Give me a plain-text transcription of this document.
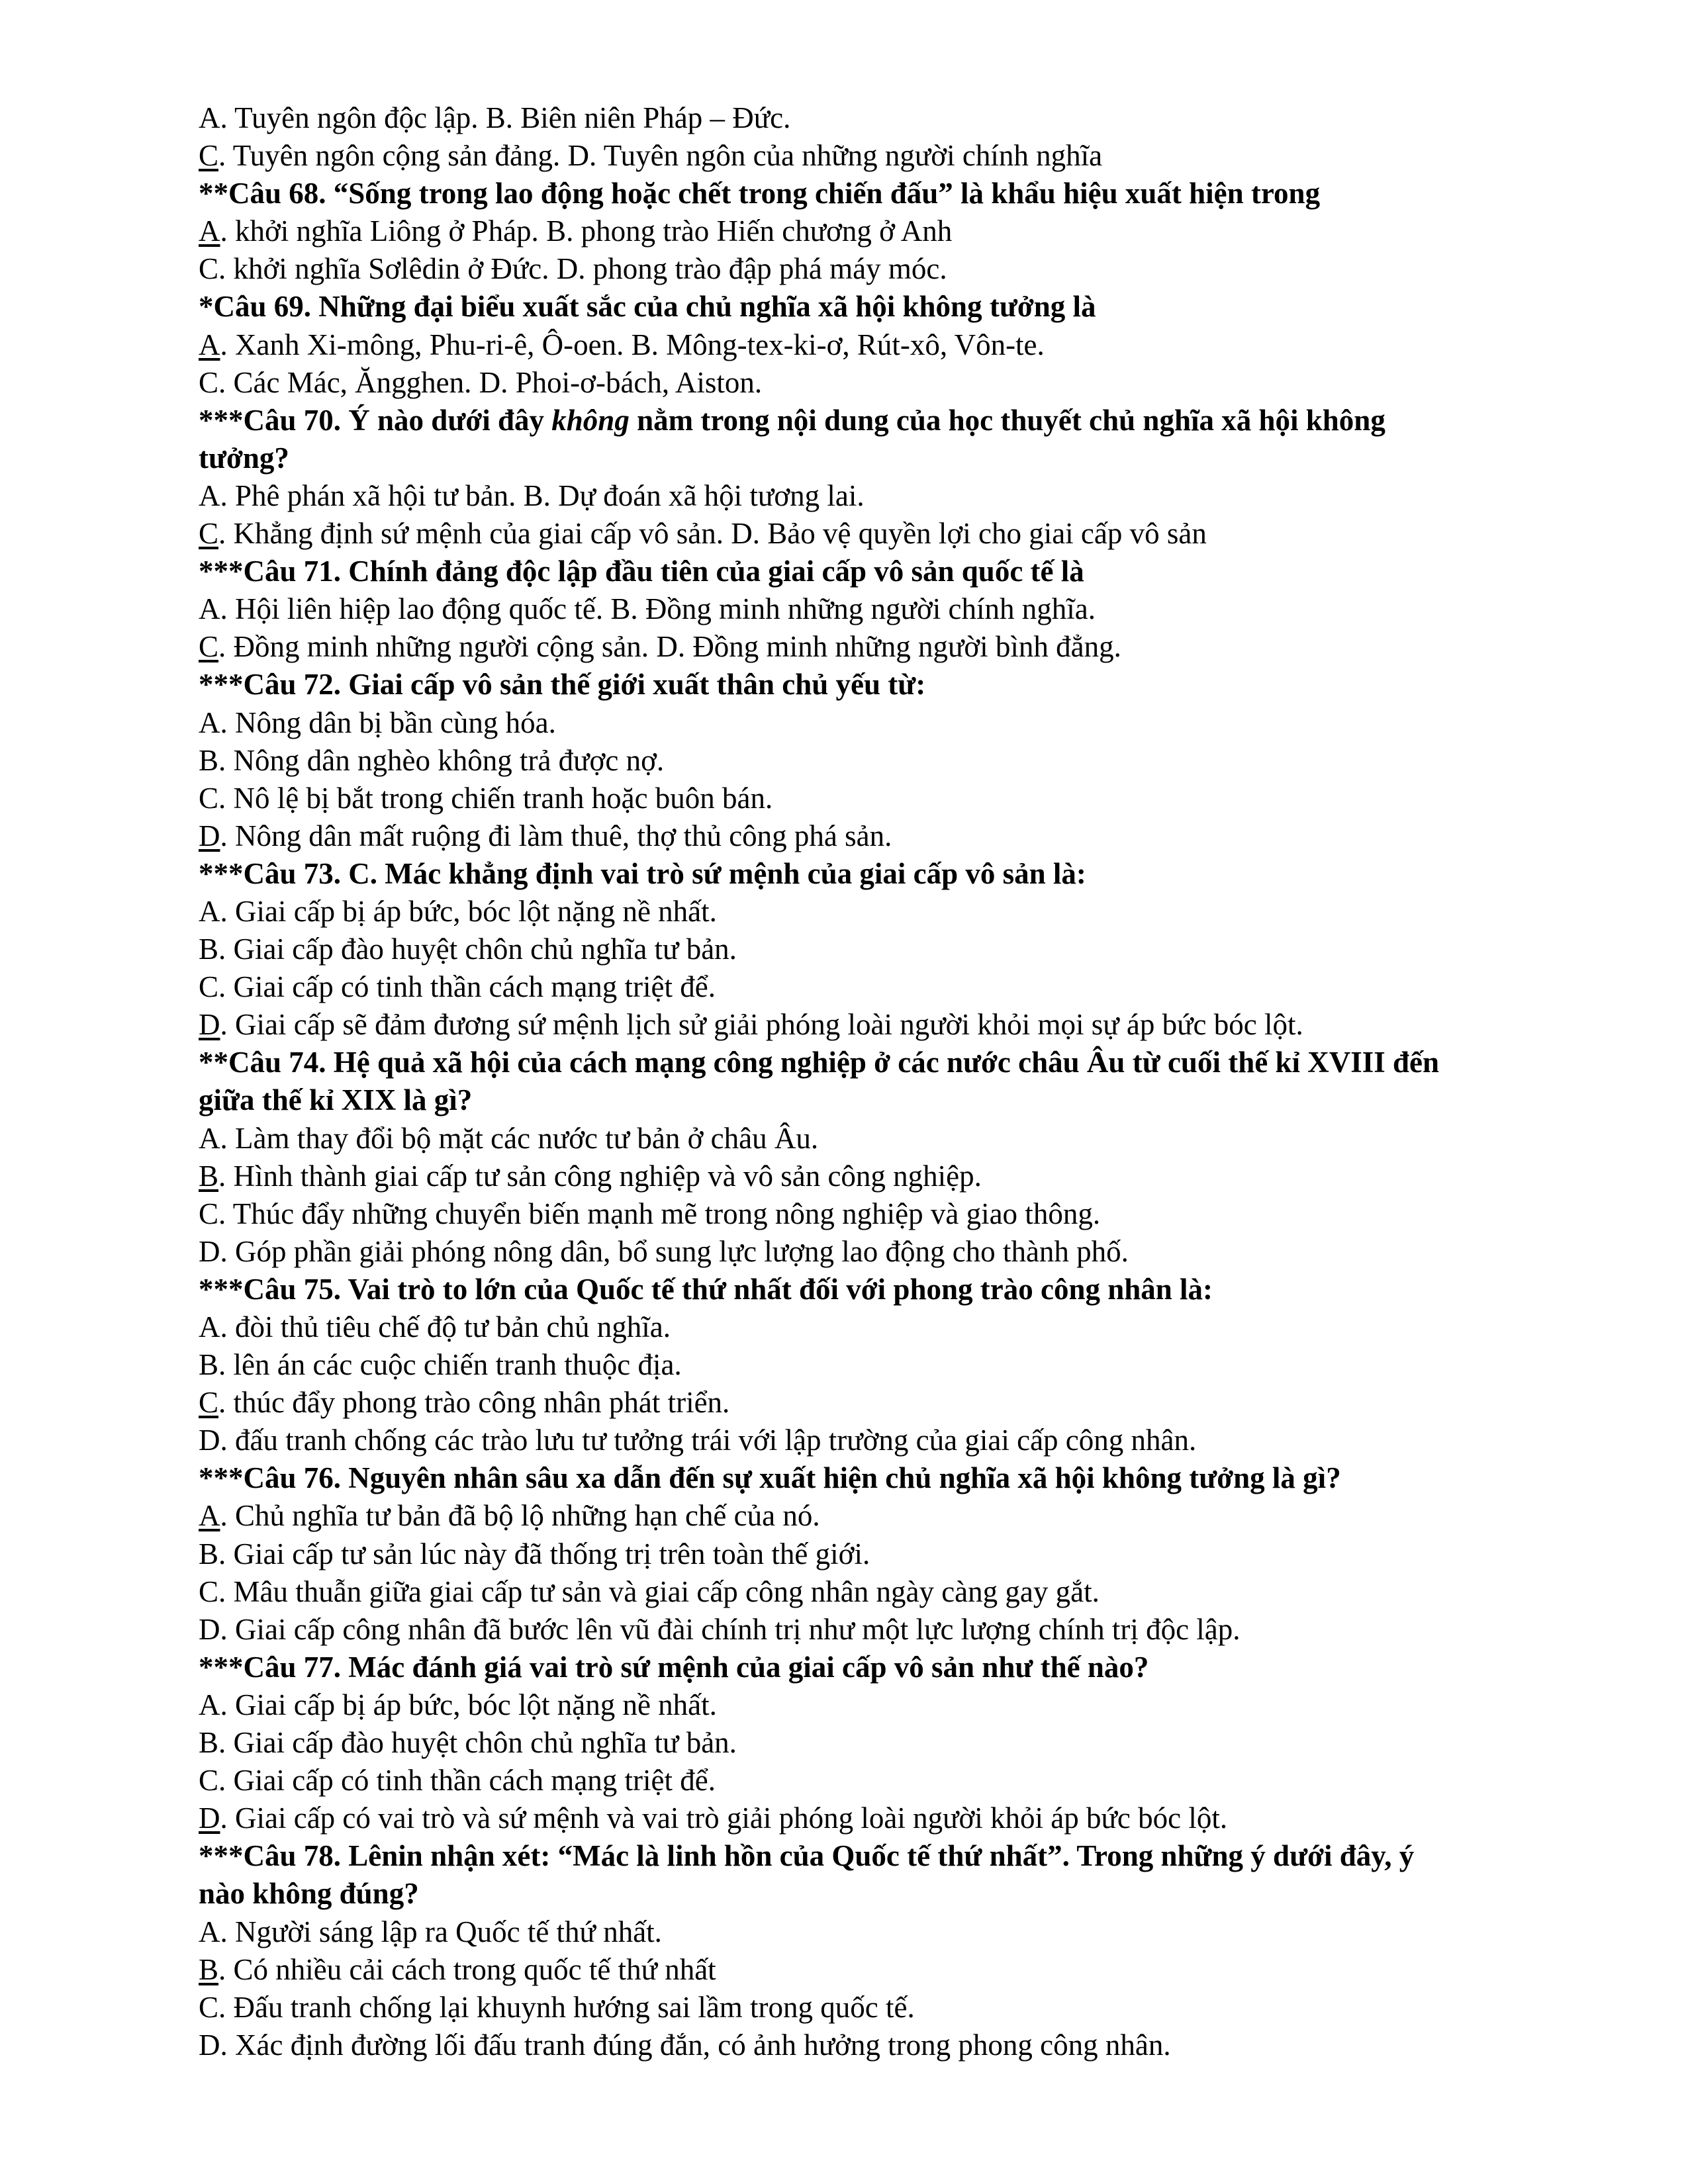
A. Tuyên ngôn độc lập. B. Biên niên Pháp – Đức.
C. Tuyên ngôn cộng sản đảng. D. Tuyên ngôn của những người chính nghĩa
**Câu 68. “Sống trong lao động hoặc chết trong chiến đấu” là khẩu hiệu xuất hiện trong
A. khởi nghĩa Liông ở Pháp. B. phong trào Hiến chương ở Anh
C. khởi nghĩa Sơlêdin ở Đức. D. phong trào đập phá máy móc.
*Câu 69. Những đại biểu xuất sắc của chủ nghĩa xã hội không tưởng là
A. Xanh Xi-mông, Phu-ri-ê, Ô-oen. B. Mông-tex-ki-ơ, Rút-xô, Vôn-te.
C. Các Mác, Ăngghen. D. Phoi-ơ-bách, Aiston.
***Câu 70. Ý nào dưới đây không nằm trong nội dung của học thuyết chủ nghĩa xã hội không
tưởng?
A. Phê phán xã hội tư bản. B. Dự đoán xã hội tương lai.
C. Khẳng định sứ mệnh của giai cấp vô sản. D. Bảo vệ quyền lợi cho giai cấp vô sản
***Câu 71. Chính đảng độc lập đầu tiên của giai cấp vô sản quốc tế là
A. Hội liên hiệp lao động quốc tế. B. Đồng minh những người chính nghĩa.
C. Đồng minh những người cộng sản. D. Đồng minh những người bình đẳng.
***Câu 72. Giai cấp vô sản thế giới xuất thân chủ yếu từ:
A. Nông dân bị bần cùng hóa.
B. Nông dân nghèo không trả được nợ.
C. Nô lệ bị bắt trong chiến tranh hoặc buôn bán.
D. Nông dân mất ruộng đi làm thuê, thợ thủ công phá sản.
***Câu 73. C. Mác khẳng định vai trò sứ mệnh của giai cấp vô sản là:
A. Giai cấp bị áp bức, bóc lột nặng nề nhất.
B. Giai cấp đào huyệt chôn chủ nghĩa tư bản.
C. Giai cấp có tinh thần cách mạng triệt để.
D. Giai cấp sẽ đảm đương sứ mệnh lịch sử giải phóng loài người khỏi mọi sự áp bức bóc lột.
**Câu 74. Hệ quả xã hội của cách mạng công nghiệp ở các nước châu Âu từ cuối thế kỉ XVIII đến
giữa thế kỉ XIX là gì?
A. Làm thay đổi bộ mặt các nước tư bản ở châu Âu.
B. Hình thành giai cấp tư sản công nghiệp và vô sản công nghiệp.
C. Thúc đẩy những chuyển biến mạnh mẽ trong nông nghiệp và giao thông.
D. Góp phần giải phóng nông dân, bổ sung lực lượng lao động cho thành phố.
***Câu 75. Vai trò to lớn của Quốc tế thứ nhất đối với phong trào công nhân là:
A. đòi thủ tiêu chế độ tư bản chủ nghĩa.
B. lên án các cuộc chiến tranh thuộc địa.
C. thúc đẩy phong trào công nhân phát triển.
D. đấu tranh chống các trào lưu tư tưởng trái với lập trường của giai cấp công nhân.
***Câu 76. Nguyên nhân sâu xa dẫn đến sự xuất hiện chủ nghĩa xã hội không tưởng là gì?
A. Chủ nghĩa tư bản đã bộ lộ những hạn chế của nó.
B. Giai cấp tư sản lúc này đã thống trị trên toàn thế giới.
C. Mâu thuẫn giữa giai cấp tư sản và giai cấp công nhân ngày càng gay gắt.
D. Giai cấp công nhân đã bước lên vũ đài chính trị như một lực lượng chính trị độc lập.
***Câu 77. Mác đánh giá vai trò sứ mệnh của giai cấp vô sản như thế nào?
A. Giai cấp bị áp bức, bóc lột nặng nề nhất.
B. Giai cấp đào huyệt chôn chủ nghĩa tư bản.
C. Giai cấp có tinh thần cách mạng triệt để.
D. Giai cấp có vai trò và sứ mệnh và vai trò giải phóng loài người khỏi áp bức bóc lột.
***Câu 78. Lênin nhận xét: “Mác là linh hồn của Quốc tế thứ nhất”. Trong những ý dưới đây, ý
nào không đúng?
A. Người sáng lập ra Quốc tế thứ nhất.
B. Có nhiều cải cách trong quốc tế thứ nhất
C. Đấu tranh chống lại khuynh hướng sai lầm trong quốc tế.
D. Xác định đường lối đấu tranh đúng đắn, có ảnh hưởng trong phong công nhân.
